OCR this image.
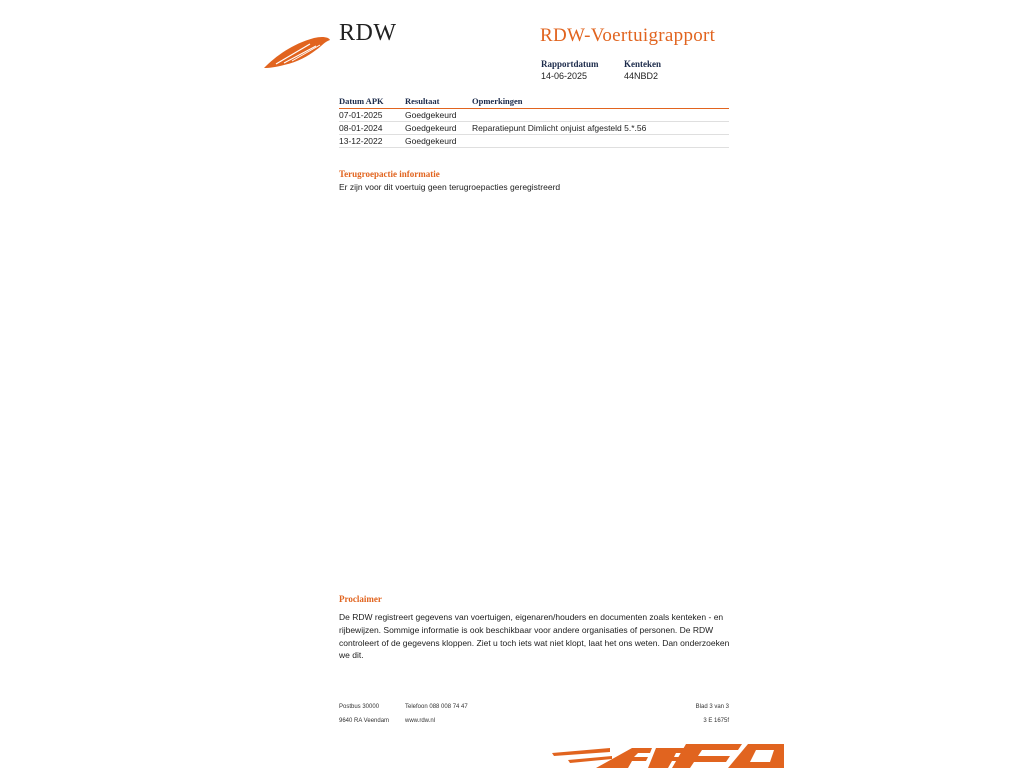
RDW	RDW-Voertuigrapport
Rapportdatum
14-06-2025
Kenteken
44NBD2
Datum APK	Resultaat	Opmerkingen
07-01-2025	Goedgekeurd	
08-01-2024	Goedgekeurd	Reparatiepunt Dimlicht onjuist afgesteld 5.*.56
13-12-2022	Goedgekeurd	
Terugroepactie informatie
Er zijn voor dit voertuig geen terugroepacties geregistreerd
Proclaimer
De RDW registreert gegevens van voertuigen, eigenaren/houders en documenten zoals kenteken - en rijbewijzen. Sommige informatie is ook beschikbaar voor andere organisaties of personen. De RDW controleert of de gegevens kloppen. Ziet u toch iets wat niet klopt, laat het ons weten. Dan onderzoeken we dit.
Postbus 30000
9640 RA Veendam
Telefoon 088 008 74 47
www.rdw.nl
Blad 3 van 3
3 E 1675f
